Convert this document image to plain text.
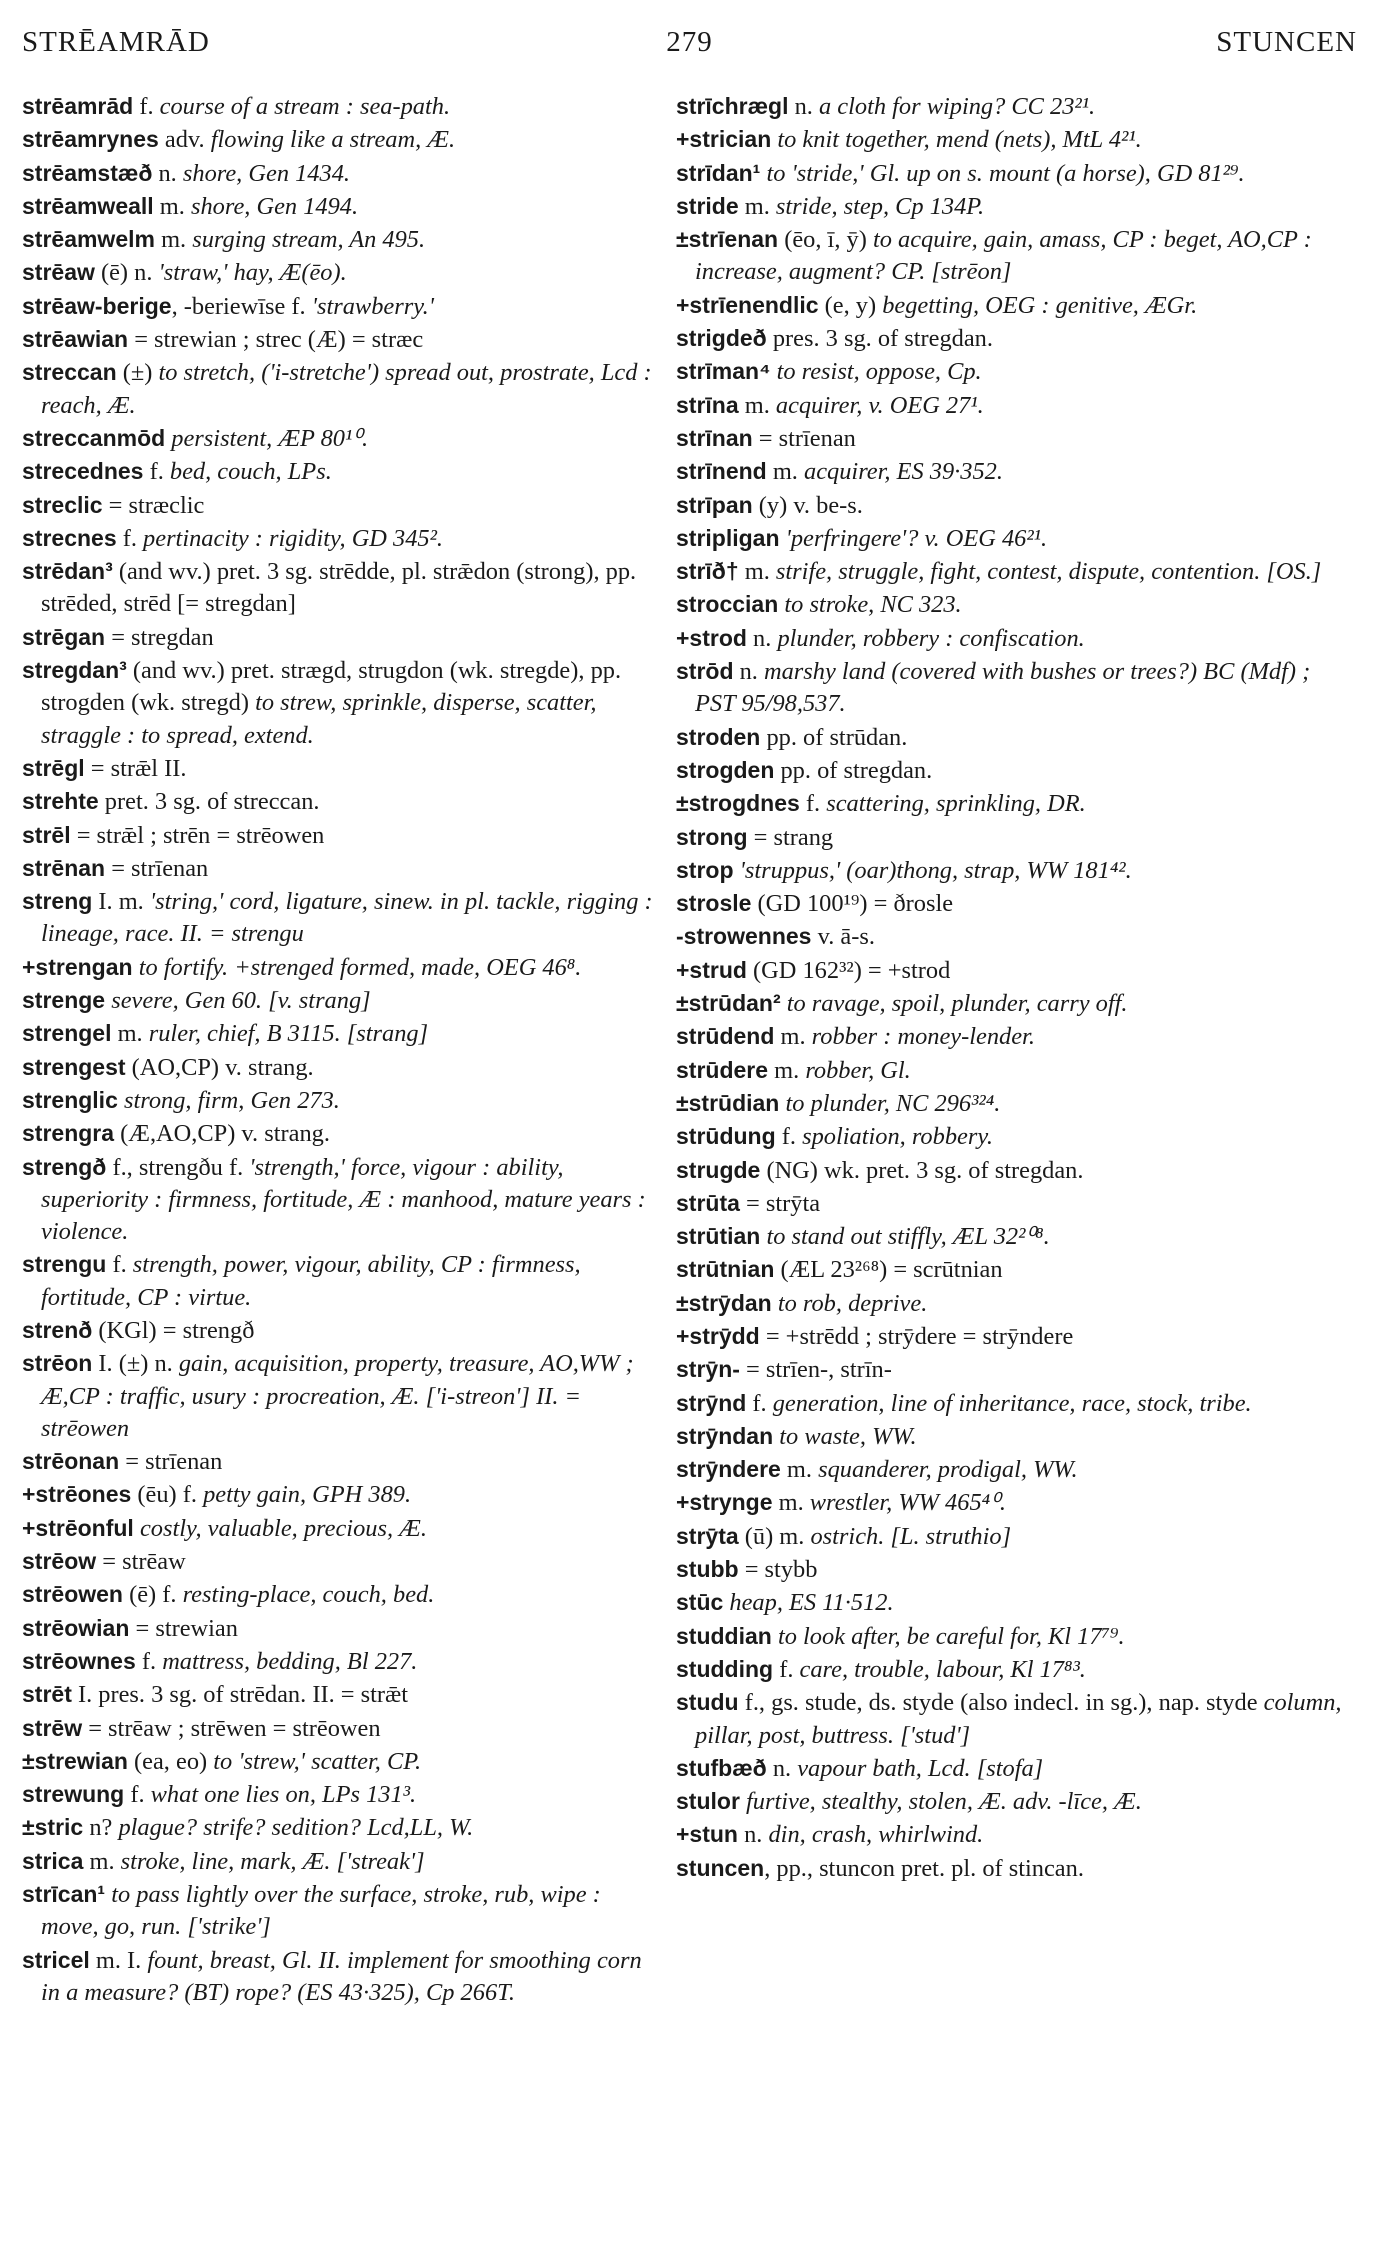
STRĒAMRĀD	279	STUNCEN

strēamrād f. course of a stream : sea-path.

strēamrynes adv. flowing like a stream, Æ.

strēamstæð n. shore, Gen 1434.

strēamweall m. shore, Gen 1494.

strēamwelm m. surging stream, An 495.

strēaw (ē) n. 'straw,' hay, Æ(ēo).

strēaw-berige, -beriewīse f. 'strawberry.'

strēawian = strewian ; strec (Æ) = stræc

streccan (±) to stretch, ('i-stretche') spread out, prostrate, Lcd : reach, Æ.

streccanmōd persistent, ÆP 80¹⁰.

strecednes f. bed, couch, LPs.

streclic = stræclic

strecnes f. pertinacity : rigidity, GD 345².

strēdan³ (and wv.) pret. 3 sg. strēdde, pl. strǣdon (strong), pp. strēded, strēd [= stregdan]

strēgan = stregdan

stregdan³ (and wv.) pret. strægd, strugdon (wk. stregde), pp. strogden (wk. stregd) to strew, sprinkle, disperse, scatter, straggle : to spread, extend.

strēgl = strǣl II.

strehte pret. 3 sg. of streccan.

strēl = strǣl ; strēn = strēowen

strēnan = strīenan

streng I. m. 'string,' cord, ligature, sinew. in pl. tackle, rigging : lineage, race. II. = strengu

+strengan to fortify. +strenged formed, made, OEG 46⁸.

strenge severe, Gen 60. [v. strang]

strengel m. ruler, chief, B 3115. [strang]

strengest (AO,CP) v. strang.

strenglic strong, firm, Gen 273.

strengra (Æ,AO,CP) v. strang.

strengð f., strengðu f. 'strength,' force, vigour : ability, superiority : firmness, fortitude, Æ : manhood, mature years : violence.

strengu f. strength, power, vigour, ability, CP : firmness, fortitude, CP : virtue.

strenð (KGl) = strengð

strēon I. (±) n. gain, acquisition, property, treasure, AO,WW ; Æ,CP : traffic, usury : procreation, Æ. ['i-streon'] II. = strēowen

strēonan = strīenan

+strēones (ēu) f. petty gain, GPH 389.

+strēonful costly, valuable, precious, Æ.

strēow = strēaw

strēowen (ē) f. resting-place, couch, bed.

strēowian = strewian

strēownes f. mattress, bedding, Bl 227.

strēt I. pres. 3 sg. of strēdan. II. = strǣt

strēw = strēaw ; strēwen = strēowen

±strewian (ea, eo) to 'strew,' scatter, CP.

strewung f. what one lies on, LPs 131³.

±stric n? plague? strife? sedition? Lcd,LL, W.

strica m. stroke, line, mark, Æ. ['streak']

strīcan¹ to pass lightly over the surface, stroke, rub, wipe : move, go, run. ['strike']

stricel m. I. fount, breast, Gl. II. implement for smoothing corn in a measure? (BT) rope? (ES 43·325), Cp 266T.

strīchrægl n. a cloth for wiping? CC 23²¹.

+strician to knit together, mend (nets), MtL 4²¹.

strīdan¹ to 'stride,' Gl. up on s. mount (a horse), GD 81²⁹.

stride m. stride, step, Cp 134P.

±strīenan (ēo, ī, ȳ) to acquire, gain, amass, CP : beget, AO,CP : increase, augment? CP. [strēon]

+strīenendlic (e, y) begetting, OEG : genitive, ÆGr.

strigdeð pres. 3 sg. of stregdan.

strīman⁴ to resist, oppose, Cp.

strīna m. acquirer, v. OEG 27¹.

strīnan = strīenan

strīnend m. acquirer, ES 39·352.

strīpan (y) v. be-s.

stripligan 'perfringere'? v. OEG 46²¹.

strīð† m. strife, struggle, fight, contest, dispute, contention. [OS.]

stroccian to stroke, NC 323.

+strod n. plunder, robbery : confiscation.

strōd n. marshy land (covered with bushes or trees?) BC (Mdf) ; PST 95/98,537.

stroden pp. of strūdan.

strogden pp. of stregdan.

±strogdnes f. scattering, sprinkling, DR.

strong = strang

strop 'struppus,' (oar)thong, strap, WW 181⁴².

strosle (GD 100¹⁹) = ðrosle

-strowennes v. ā-s.

+strud (GD 162³²) = +strod

±strūdan² to ravage, spoil, plunder, carry off.

strūdend m. robber : money-lender.

strūdere m. robber, Gl.

±strūdian to plunder, NC 296³²⁴.

strūdung f. spoliation, robbery.

strugde (NG) wk. pret. 3 sg. of stregdan.

strūta = strȳta

strūtian to stand out stiffly, ÆL 32²⁰⁸.

strūtnian (ÆL 23²⁶⁸) = scrūtnian

±strȳdan to rob, deprive.

+strȳdd = +strēdd ; strȳdere = strȳndere

strȳn- = strīen-, strīn-

strȳnd f. generation, line of inheritance, race, stock, tribe.

strȳndan to waste, WW.

strȳndere m. squanderer, prodigal, WW.

+strynge m. wrestler, WW 465⁴⁰.

strȳta (ū) m. ostrich. [L. struthio]

stubb = stybb

stūc heap, ES 11·512.

studdian to look after, be careful for, Kl 17⁷⁹.

studding f. care, trouble, labour, Kl 17⁸³.

studu f., gs. stude, ds. styde (also indecl. in sg.), nap. styde column, pillar, post, buttress. ['stud']

stufbæð n. vapour bath, Lcd. [stofa]

stulor furtive, stealthy, stolen, Æ. adv. -līce, Æ.

+stun n. din, crash, whirlwind.

stuncen, pp., stuncon pret. pl. of stincan.
